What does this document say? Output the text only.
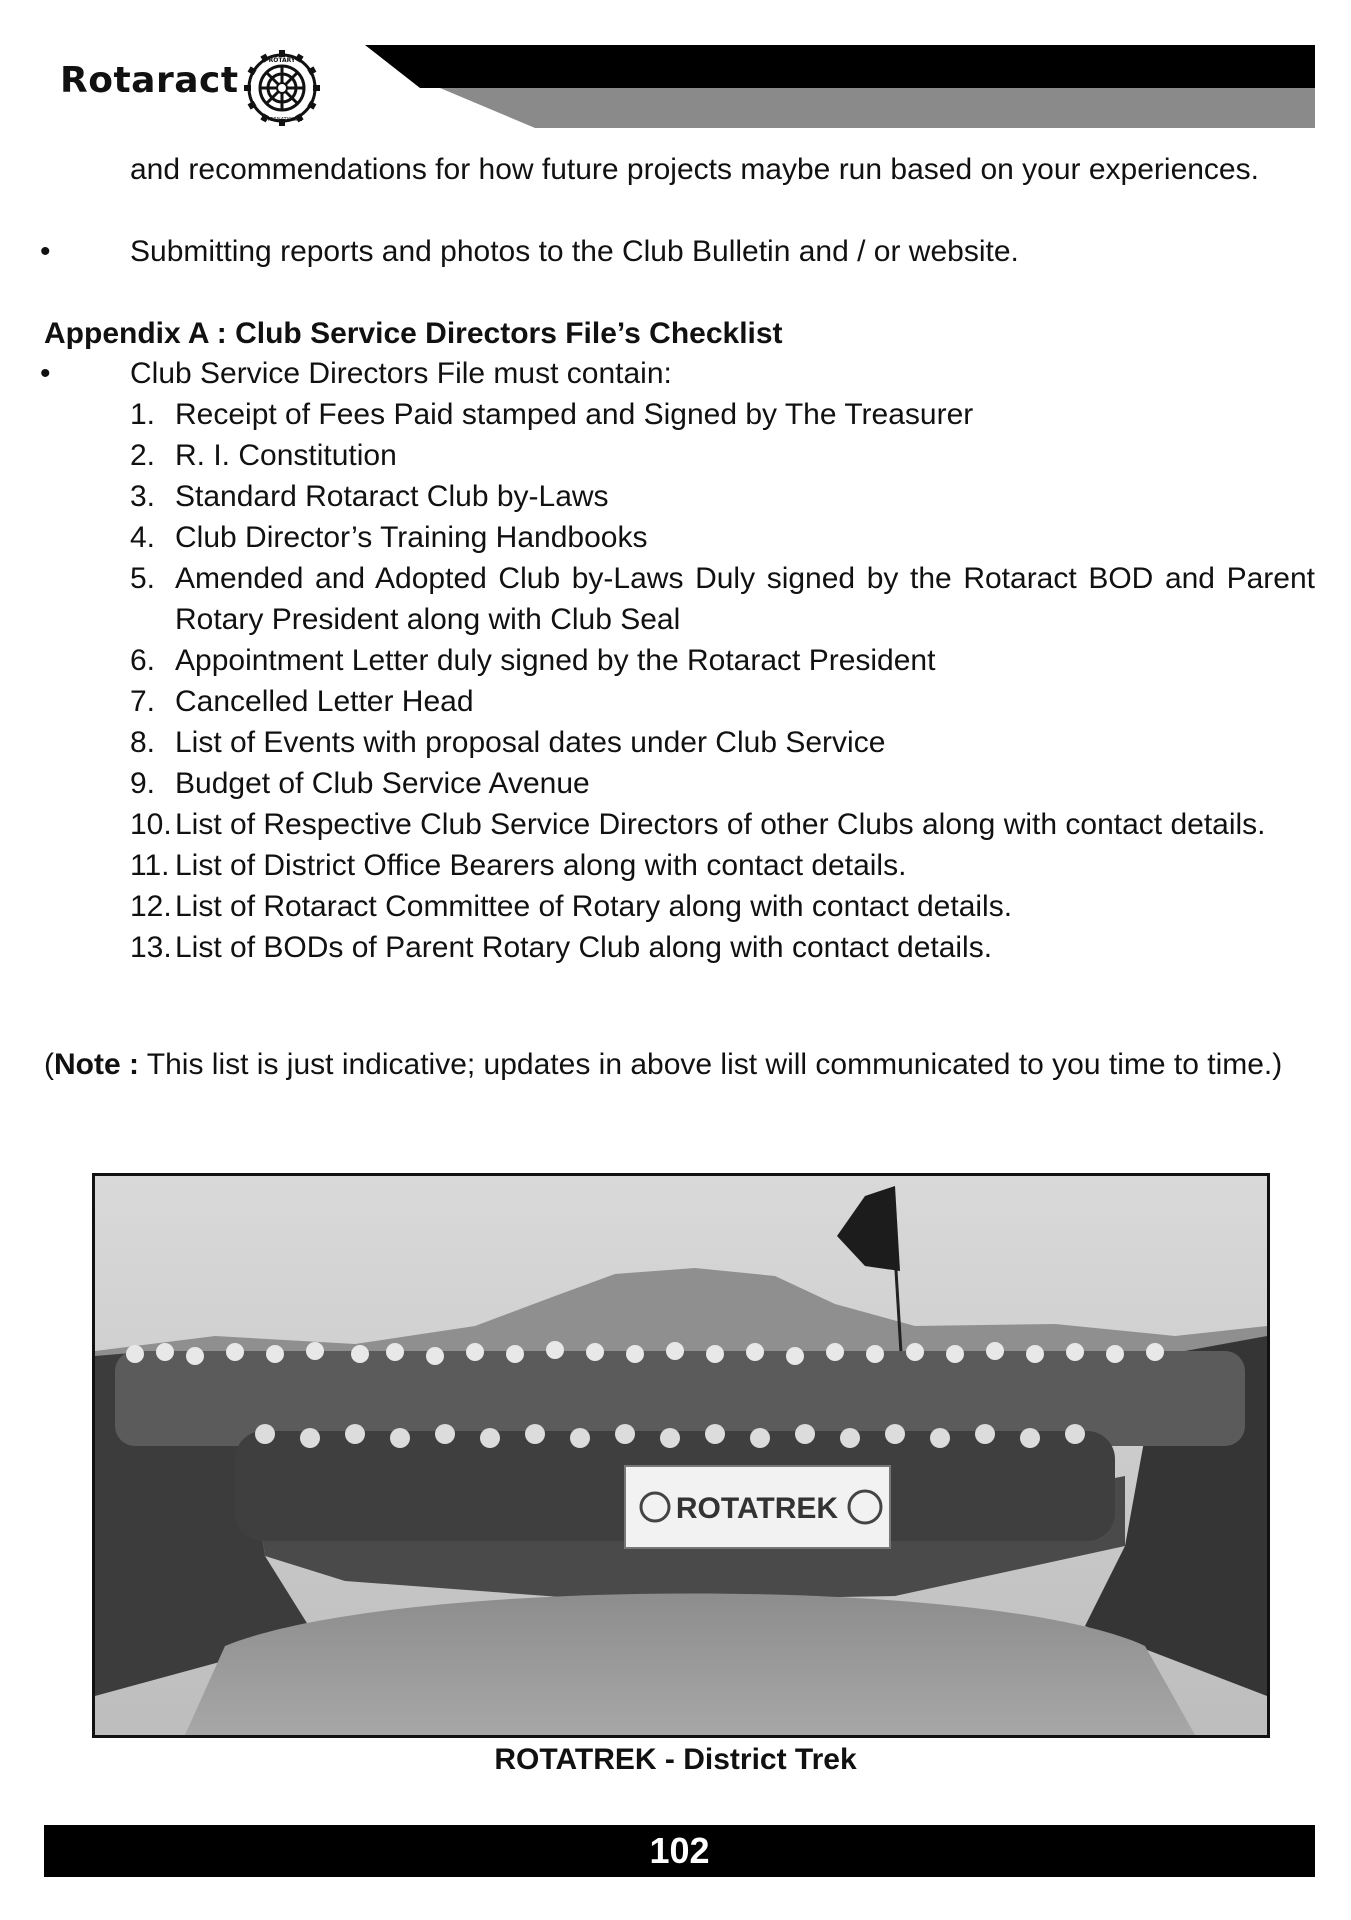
Rotaract	ROTARY
INTERNATIONAL

and recommendations for how future projects maybe run based on your experiences.

•	Submitting reports and photos to the Club Bulletin and / or website.

Appendix A : Club Service Directors File’s Checklist
•	Club Service Directors File must contain:

1. Receipt of Fees Paid stamped and Signed by The Treasurer
2. R. I. Constitution
3. Standard Rotaract Club by-Laws
4. Club Director’s Training Handbooks
5. Amended and Adopted Club by-Laws Duly signed by the Rotaract BOD and Parent Rotary President along with Club Seal
6. Appointment Letter duly signed by the Rotaract President
7. Cancelled Letter Head
8. List of Events with proposal dates under Club Service
9. Budget of Club Service Avenue
10. List of Respective Club Service Directors of other Clubs along with contact details.
11. List of District Office Bearers along with contact details.
12. List of Rotaract Committee of Rotary along with contact details.
13. List of BODs of Parent Rotary Club along with contact details.
(Note : This list is just indicative; updates in above list will communicated to you time to time.)
ROTATREK
ROTATREK - District Trek
102
